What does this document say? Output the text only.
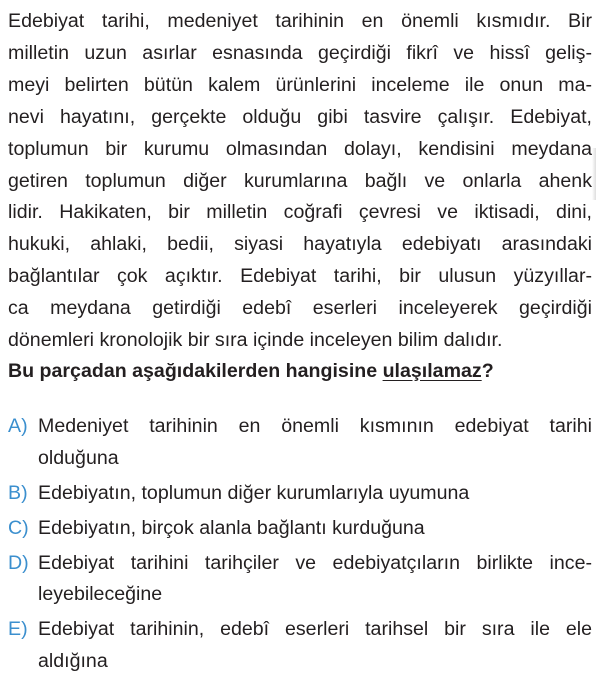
Edebiyat tarihi, medeniyet tarihinin en önemli kısmıdır. Bir
milletin uzun asırlar esnasında geçirdiği fikrî ve hissî geliş-
meyi belirten bütün kalem ürünlerini inceleme ile onun ma-
nevi hayatını, gerçekte olduğu gibi tasvire çalışır. Edebiyat,
toplumun bir kurumu olmasından dolayı, kendisini meydana
getiren toplumun diğer kurumlarına bağlı ve onlarla ahenk
lidir. Hakikaten, bir milletin coğrafi çevresi ve iktisadi, dini,
hukuki, ahlaki, bedii, siyasi hayatıyla edebiyatı arasındaki
bağlantılar çok açıktır. Edebiyat tarihi, bir ulusun yüzyıllar-
ca meydana getirdiği edebî eserleri inceleyerek geçirdiği
dönemleri kronolojik bir sıra içinde inceleyen bilim dalıdır.

Bu parçadan aşağıdakilerden hangisine ulaşılamaz?

A) Medeniyet tarihinin en önemli kısmının edebiyat tarihi
olduğuna
B) Edebiyatın, toplumun diğer kurumlarıyla uyumuna
C) Edebiyatın, birçok alanla bağlantı kurduğuna
D) Edebiyat tarihini tarihçiler ve edebiyatçıların birlikte ince-
leyebileceğine
E) Edebiyat tarihinin, edebî eserleri tarihsel bir sıra ile ele
aldığına
